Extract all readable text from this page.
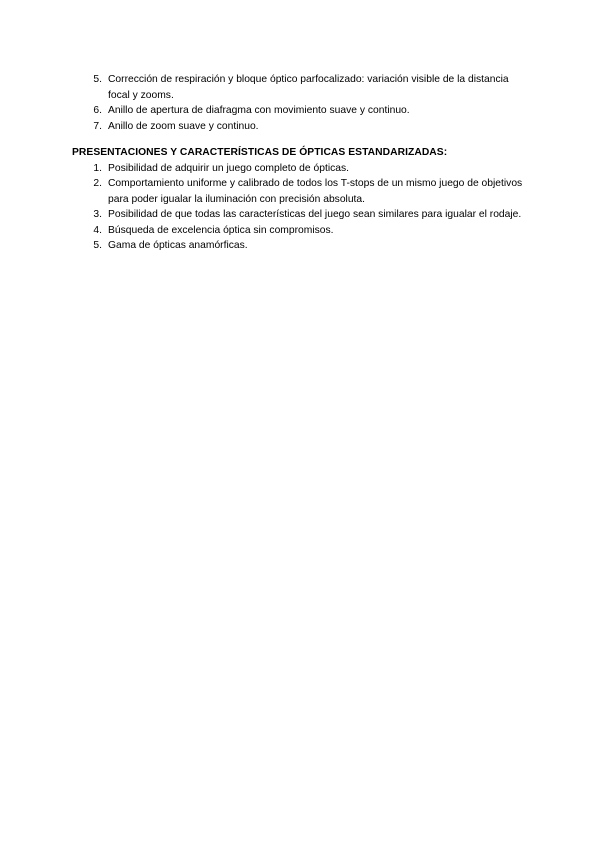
5. Corrección de respiración y bloque óptico parfocalizado: variación visible de la distancia focal y zooms.
6. Anillo de apertura de diafragma con movimiento suave y continuo.
7. Anillo de zoom suave y continuo.
PRESENTACIONES Y CARACTERÍSTICAS DE ÓPTICAS ESTANDARIZADAS:
1. Posibilidad de adquirir un juego completo de ópticas.
2. Comportamiento uniforme y calibrado de todos los T-stops de un mismo juego de objetivos para poder igualar la iluminación con precisión absoluta.
3. Posibilidad de que todas las características del juego sean similares para igualar el rodaje.
4. Búsqueda de excelencia óptica sin compromisos.
5. Gama de ópticas anamórficas.
